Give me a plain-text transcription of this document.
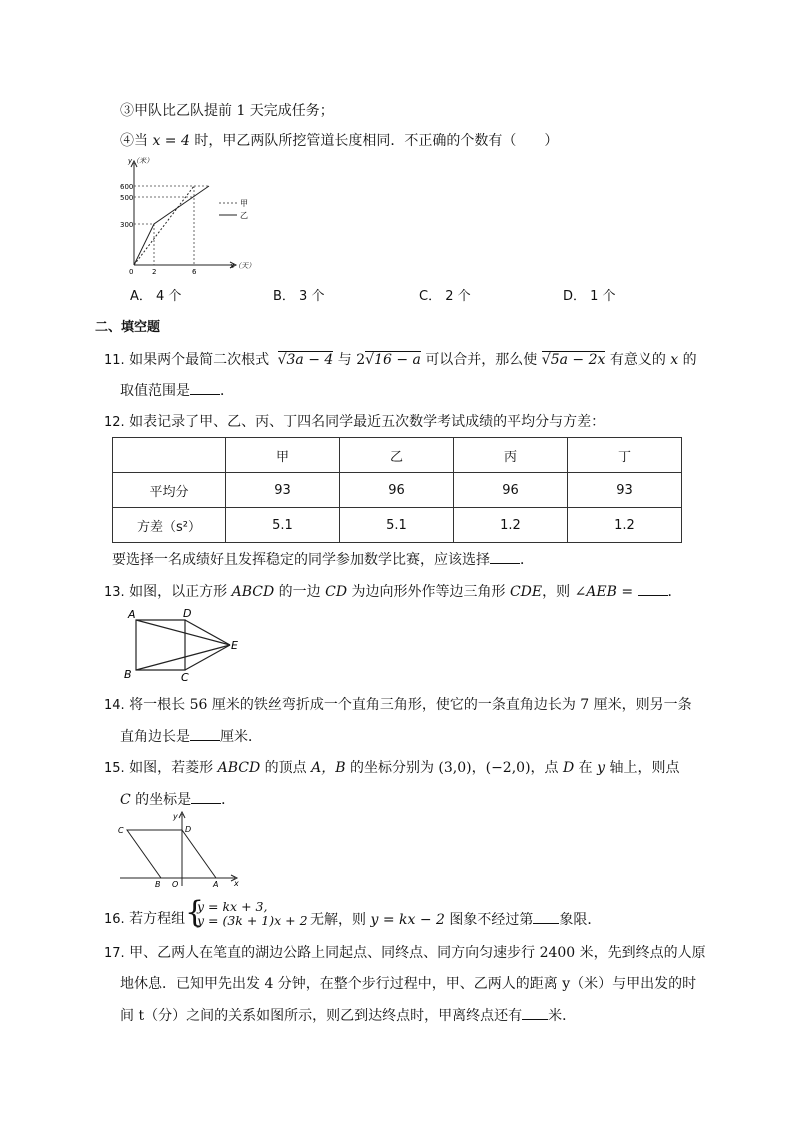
③甲队比乙队提前 1 天完成任务；
④当 x = 4 时，甲乙两队所挖管道长度相同．不正确的个数有（　　）
甲
乙
y（米）
x（天）
600
500
300
0	2	6
A． 4 个	B． 3 个	C． 2 个	D． 1 个
二、填空题
11. 如果两个最简二次根式 √3a − 4 与 2√16 − a 可以合并，那么使 √5a − 2x 有意义的 x 的
取值范围是 ．
12. 如表记录了甲、乙、丙、丁四名同学最近五次数学考试成绩的平均分与方差：
	甲	乙	丙	丁
平均分	93	96	96	93
方差（s²）	5.1	5.1	1.2	1.2
要选择一名成绩好且发挥稳定的同学参加数学比赛，应该选择 ．
13. 如图，以正方形 ABCD 的一边 CD 为边向形外作等边三角形 CDE，则 ∠AEB = ．
A	D
B	C
E
14. 将一根长 56 厘米的铁丝弯折成一个直角三角形，使它的一条直角边长为 7 厘米，则另一条
直角边长是 厘米．
15. 如图，若菱形 ABCD 的顶点 A，B 的坐标分别为 (3,0)，(−2,0)，点 D 在 y 轴上，则点
C 的坐标是 ．
C	D
B O	A x
y
16. 若方程组 {
y = kx + 3,
y = (3k + 1)x + 2 无解，则 y = kx − 2 图象不经过第 象限．
17. 甲、乙两人在笔直的湖边公路上同起点、同终点、同方向匀速步行 2400 米，先到终点的人原
地休息．已知甲先出发 4 分钟，在整个步行过程中，甲、乙两人的距离 y（米）与甲出发的时
间 t（分）之间的关系如图所示，则乙到达终点时，甲离终点还有 米．
